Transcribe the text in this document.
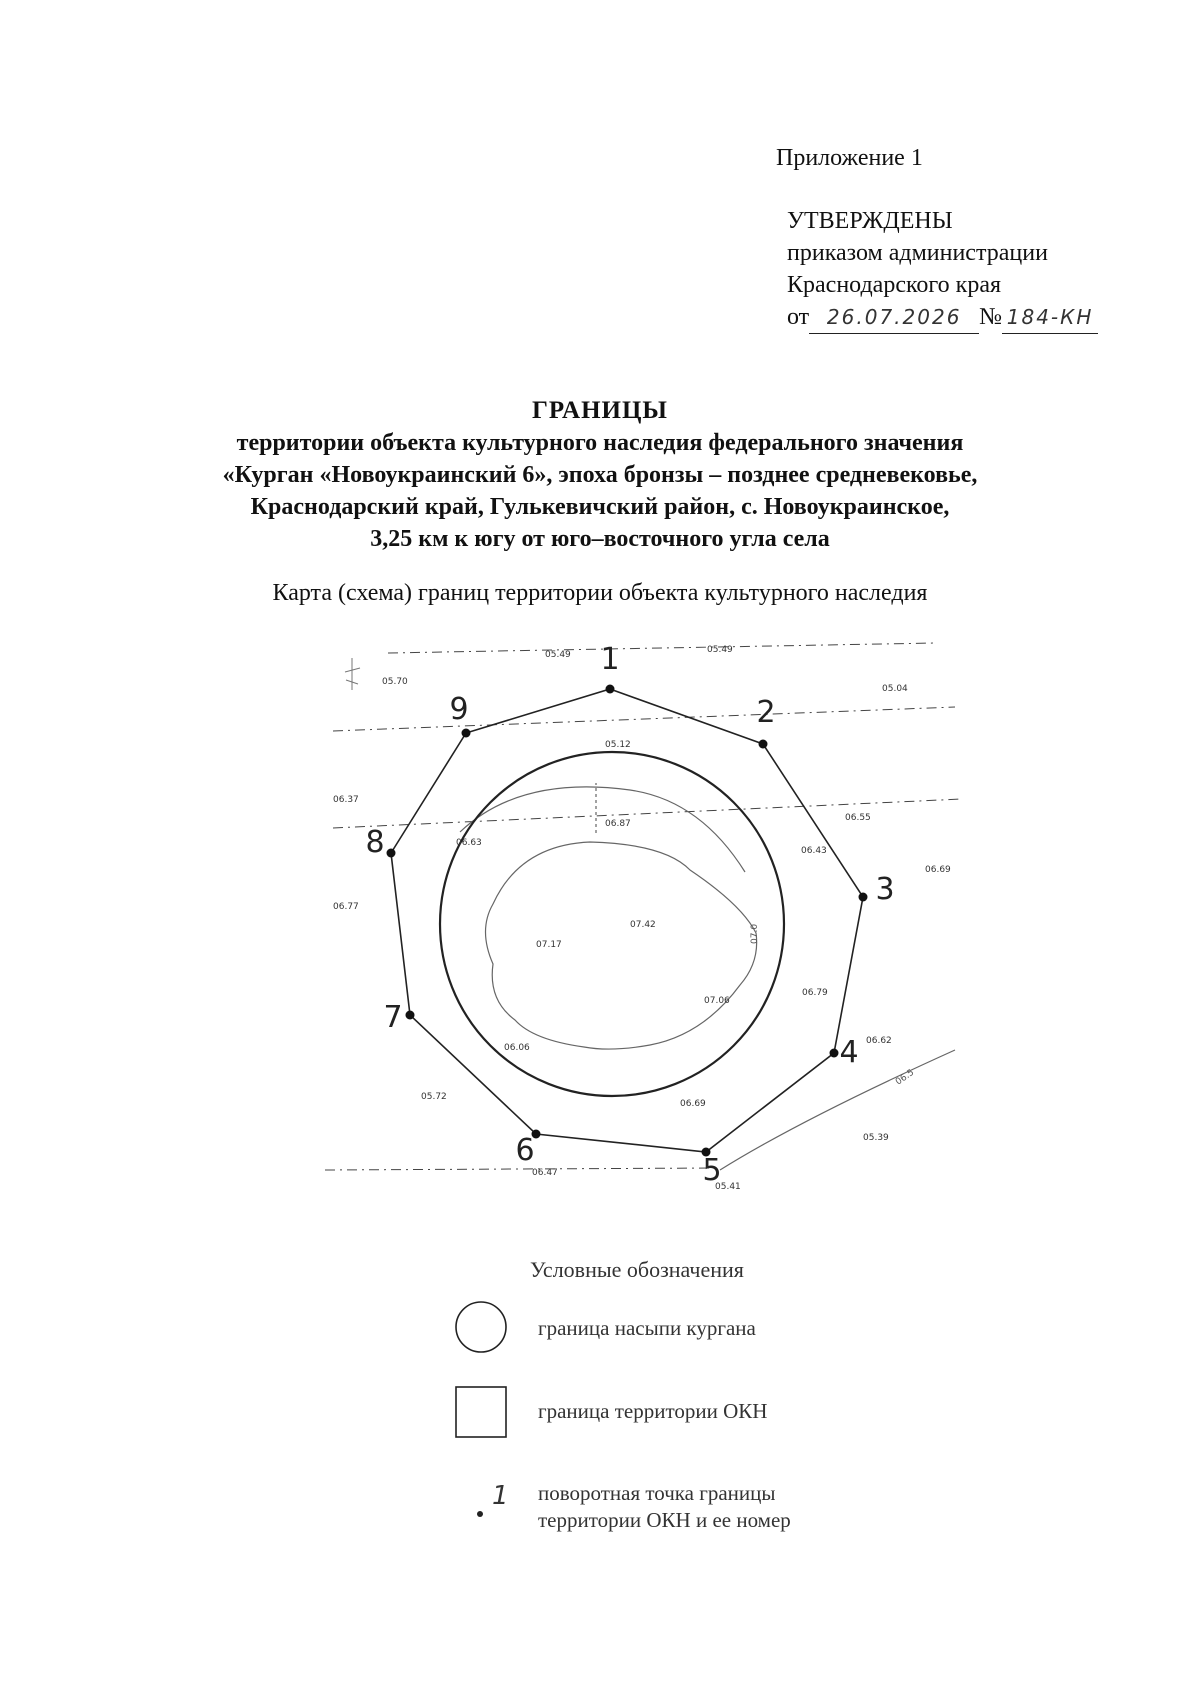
Приложение 1
УТВЕРЖДЕНЫ
приказом администрации
Краснодарского края
от 26.07.2026 № 184-КН
ГРАНИЦЫ
территории объекта культурного наследия федерального значения
«Курган «Новоукраинский 6», эпоха бронзы – позднее средневековье,
Краснодарский край, Гулькевичский район, с. Новоукраинское,
3,25 км к югу от юго–восточного угла села
Карта (схема) границ территории объекта культурного наследия
1
2
3
4
5
6
7
8
9
05.49	05.49
05.70
05.04
05.12
06.37
06.55
06.63
06.87
06.43
06.69
06.77
07.17
07.42
06.79
07.06
06.62
06.06
05.72
06.69
05.39
06.47
05.41
07.0
06.5
Условные обозначения
граница насыпи кургана
граница территории ОКН
1 поворотная точка границы
территории ОКН и ее номер
